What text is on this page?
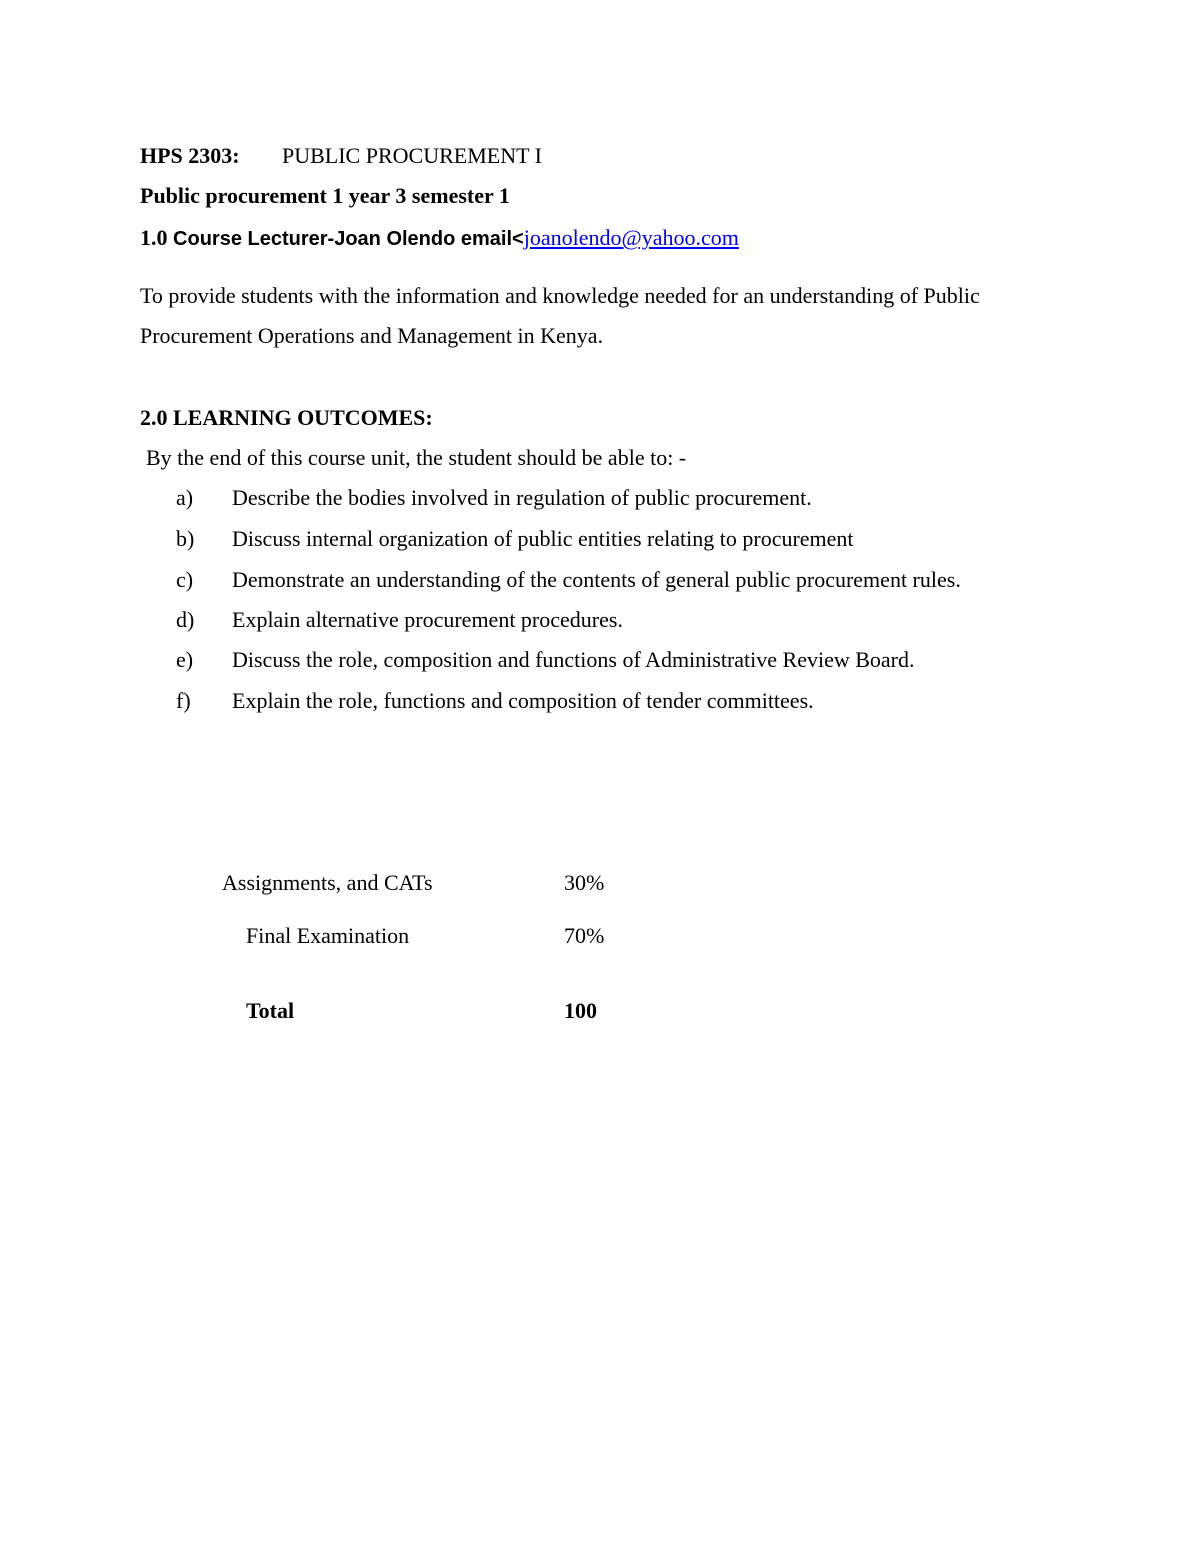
HPS 2303: PUBLIC PROCUREMENT I
Public procurement 1 year 3 semester 1
1.0 Course Lecturer-Joan Olendo email<joanolendo@yahoo.com
To provide students with the information and knowledge needed for an understanding of Public
Procurement Operations and Management in Kenya.
2.0 LEARNING OUTCOMES:
By the end of this course unit, the student should be able to: -
a) Describe the bodies involved in regulation of public procurement.
b) Discuss internal organization of public entities relating to procurement
c) Demonstrate an understanding of the contents of general public procurement rules.
d) Explain alternative procurement procedures.
e) Discuss the role, composition and functions of Administrative Review Board.
f) Explain the role, functions and composition of tender committees.
Assignments, and CATs	30%
Final Examination	70%
Total	100
